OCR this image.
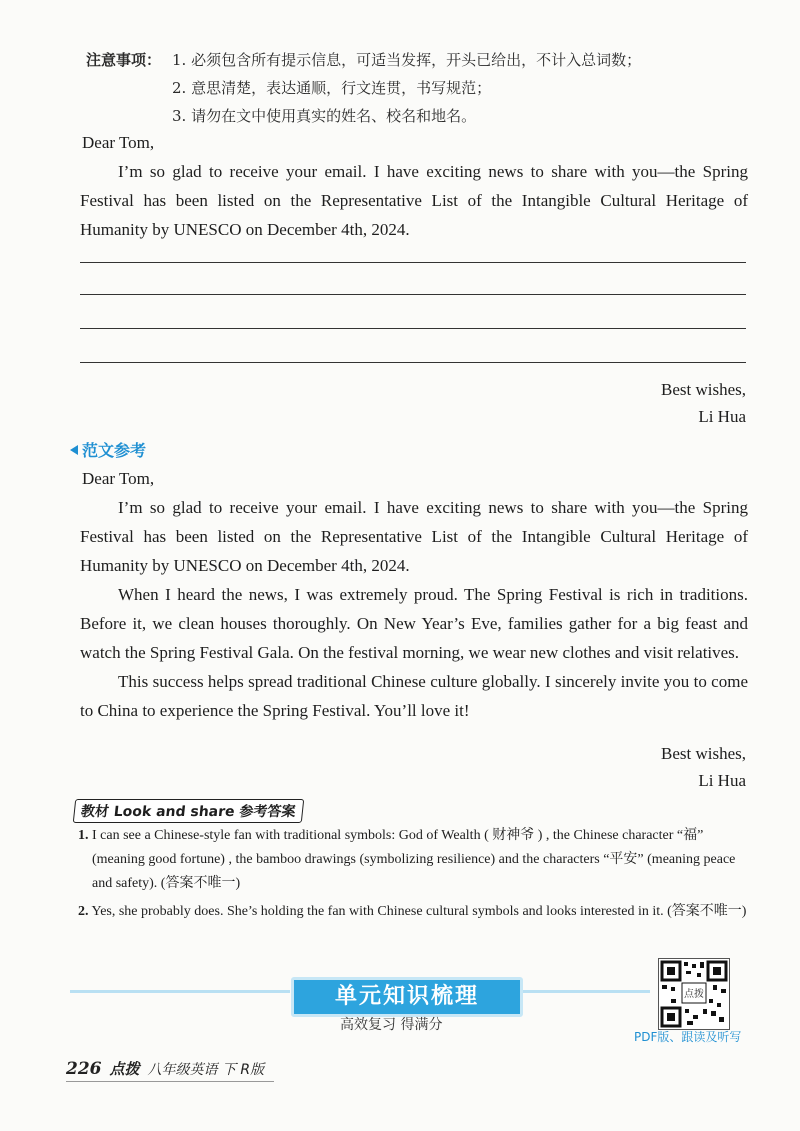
注意事项： 1. 必须包含所有提示信息，可适当发挥，开头已给出，不计入总词数；
2. 意思清楚，表达通顺，行文连贯，书写规范；
3. 请勿在文中使用真实的姓名、校名和地名。
Dear Tom,

I’m so glad to receive your email. I have exciting news to share with you—the Spring Festival has been listed on the Representative List of the Intangible Cultural Heritage of Humanity by UNESCO on December 4th, 2024.

Best wishes,
Li Hua
范文参考
Dear Tom,

I’m so glad to receive your email. I have exciting news to share with you—the Spring Festival has been listed on the Representative List of the Intangible Cultural Heritage of Humanity by UNESCO on December 4th, 2024.

When I heard the news, I was extremely proud. The Spring Festival is rich in traditions. Before it, we clean houses thoroughly. On New Year’s Eve, families gather for a big feast and watch the Spring Festival Gala. On the festival morning, we wear new clothes and visit relatives.

This success helps spread traditional Chinese culture globally. I sincerely invite you to come to China to experience the Spring Festival. You’ll love it!

Best wishes,
Li Hua
教材 Look and share 参考答案
1. I can see a Chinese-style fan with traditional symbols: God of Wealth ( 财神爷 ) , the Chinese character “福” (meaning good fortune) , the bamboo drawings (symbolizing resilience) and the characters “平安” (meaning peace and safety). (答案不唯一)
2. Yes, she probably does. She’s holding the fan with Chinese cultural symbols and looks interested in it. (答案不唯一)
单元知识梳理
高效复习 得满分
点拨
PDF版、跟读及听写
226 点拨 八年级英语 下 R版
